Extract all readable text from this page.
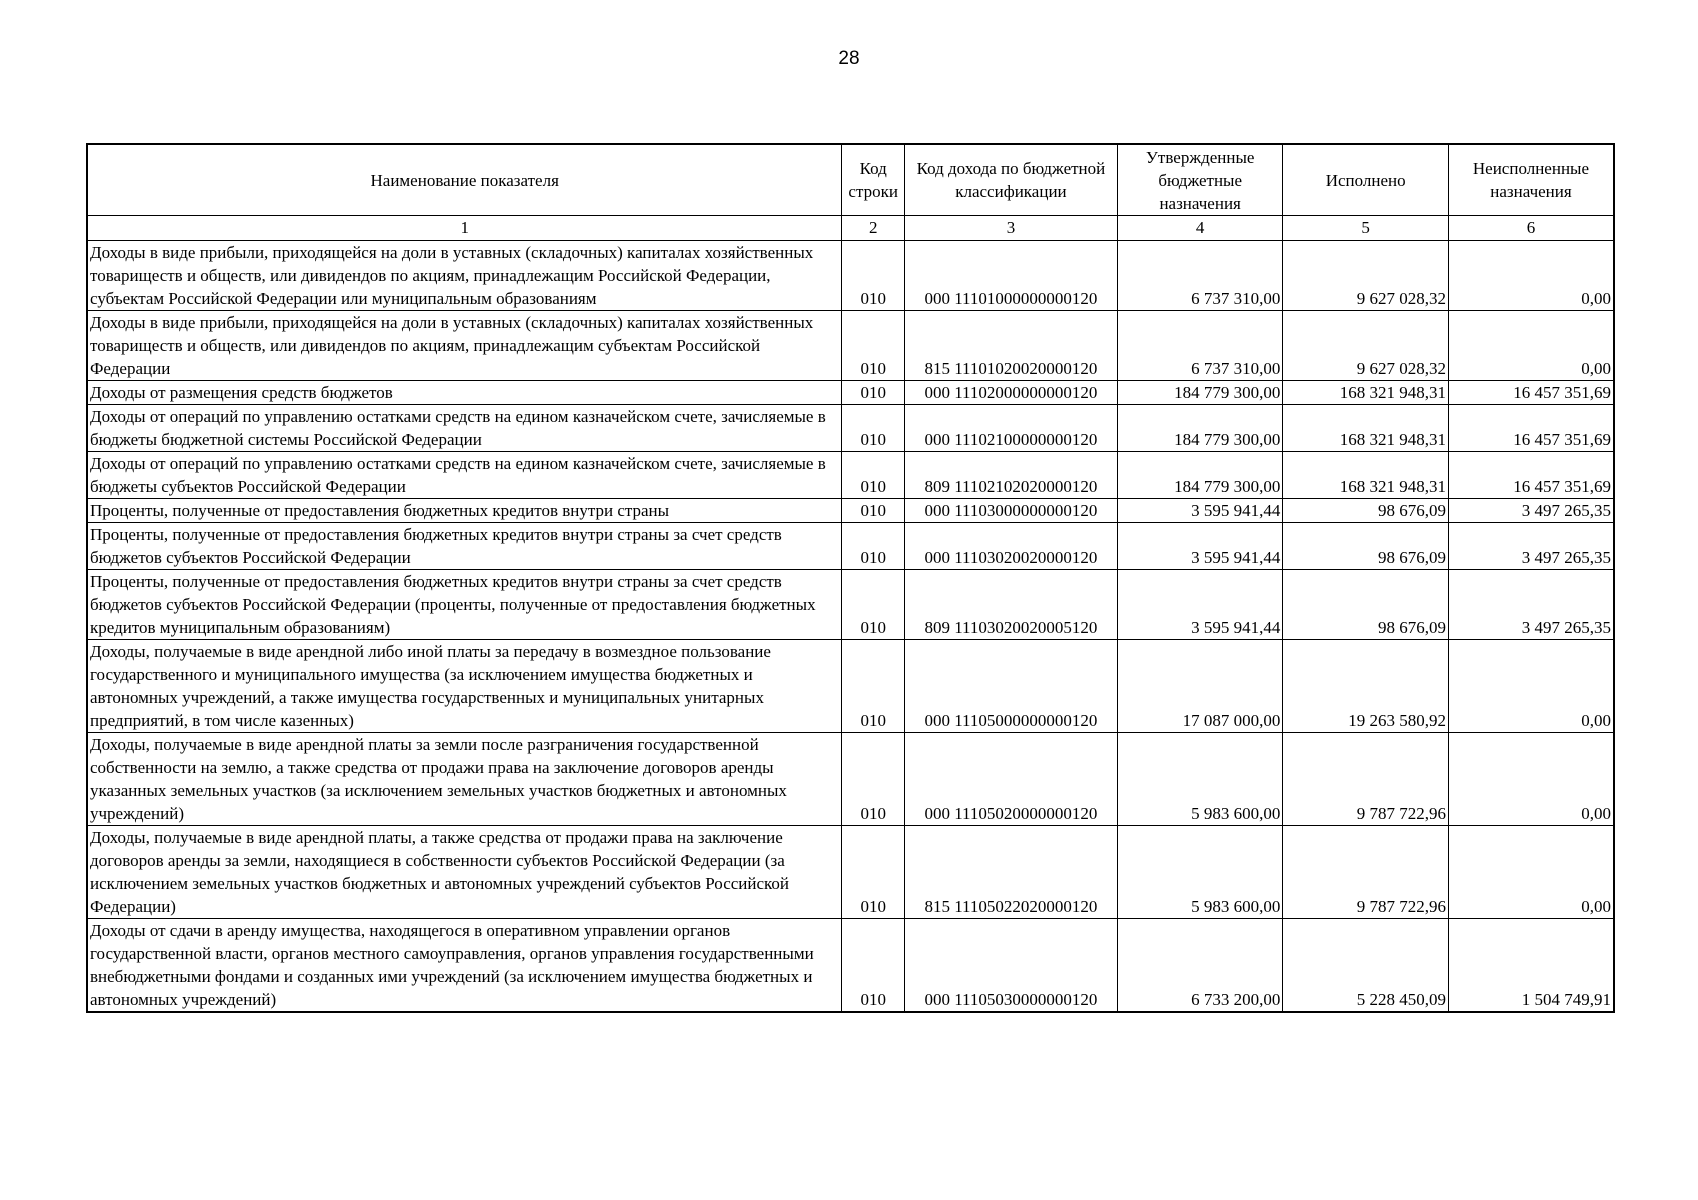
28
Наименование показателя	Код строки	Код дохода по бюджетной классификации	Утвержденные бюджетные назначения	Исполнено	Неисполненные назначения
1	2	3	4	5	6
Доходы в виде прибыли, приходящейся на доли в уставных (складочных) капиталах хозяйственных товариществ и обществ, или дивидендов по акциям, принадлежащим Российской Федерации, субъектам Российской Федерации или муниципальным образованиям	010	000 11101000000000120	6 737 310,00	9 627 028,32	0,00
Доходы в виде прибыли, приходящейся на доли в уставных (складочных) капиталах хозяйственных товариществ и обществ, или дивидендов по акциям, принадлежащим субъектам Российской Федерации	010	815 11101020020000120	6 737 310,00	9 627 028,32	0,00
Доходы от размещения средств бюджетов	010	000 11102000000000120	184 779 300,00	168 321 948,31	16 457 351,69
Доходы от операций по управлению остатками средств на едином казначейском счете, зачисляемые в бюджеты бюджетной системы Российской Федерации	010	000 11102100000000120	184 779 300,00	168 321 948,31	16 457 351,69
Доходы от операций по управлению остатками средств на едином казначейском счете, зачисляемые в бюджеты субъектов Российской Федерации	010	809 11102102020000120	184 779 300,00	168 321 948,31	16 457 351,69
Проценты, полученные от предоставления бюджетных кредитов внутри страны	010	000 11103000000000120	3 595 941,44	98 676,09	3 497 265,35
Проценты, полученные от предоставления бюджетных кредитов внутри страны за счет средств бюджетов субъектов Российской Федерации	010	000 11103020020000120	3 595 941,44	98 676,09	3 497 265,35
Проценты, полученные от предоставления бюджетных кредитов внутри страны за счет средств бюджетов субъектов Российской Федерации (проценты, полученные от предоставления бюджетных кредитов муниципальным образованиям)	010	809 11103020020005120	3 595 941,44	98 676,09	3 497 265,35
Доходы, получаемые в виде арендной либо иной платы за передачу в возмездное пользование государственного и муниципального имущества (за исключением имущества бюджетных и автономных учреждений, а также имущества государственных и муниципальных унитарных предприятий, в том числе казенных)	010	000 11105000000000120	17 087 000,00	19 263 580,92	0,00
Доходы, получаемые в виде арендной платы за земли после разграничения государственной собственности на землю, а также средства от продажи права на заключение договоров аренды указанных земельных участков (за исключением земельных участков бюджетных и автономных учреждений)	010	000 11105020000000120	5 983 600,00	9 787 722,96	0,00
Доходы, получаемые в виде арендной платы, а также средства от продажи права на заключение договоров аренды за земли, находящиеся в собственности субъектов Российской Федерации (за исключением земельных участков бюджетных и автономных учреждений субъектов Российской Федерации)	010	815 11105022020000120	5 983 600,00	9 787 722,96	0,00
Доходы от сдачи в аренду имущества, находящегося в оперативном управлении органов государственной власти, органов местного самоуправления, органов управления государственными внебюджетными фондами и созданных ими учреждений (за исключением имущества бюджетных и автономных учреждений)	010	000 11105030000000120	6 733 200,00	5 228 450,09	1 504 749,91
